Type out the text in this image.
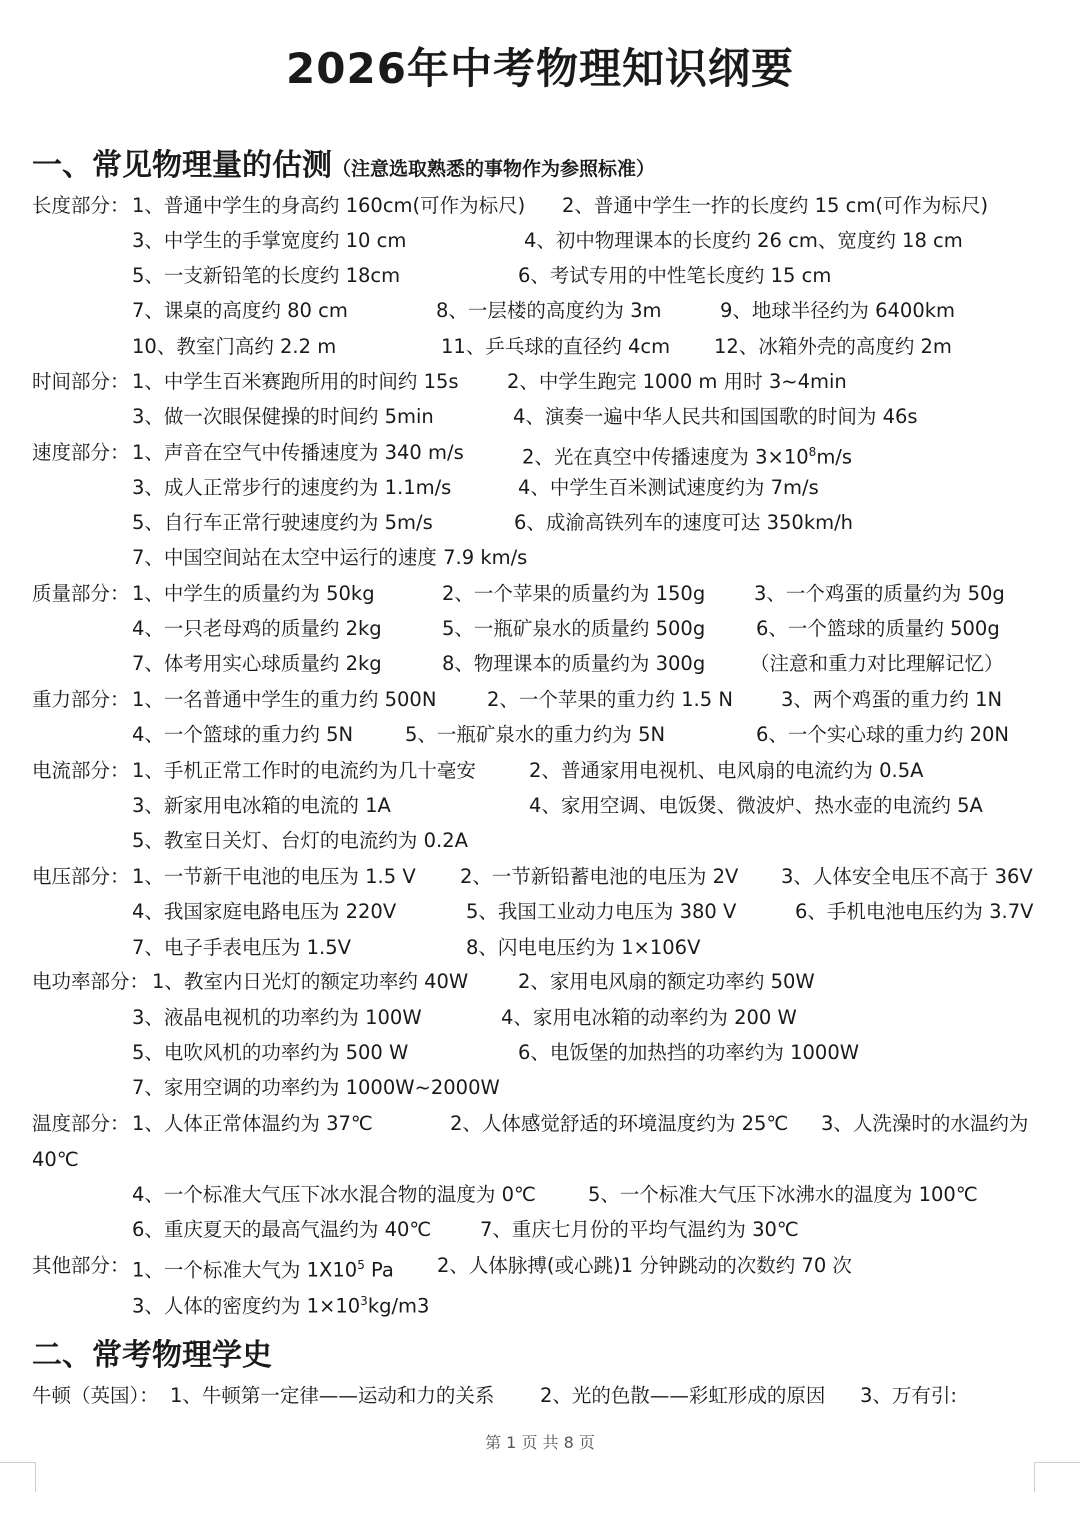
2026年中考物理知识纲要
一、常见物理量的估测（注意选取熟悉的事物作为参照标准）
长度部分： 1、普通中学生的身高约 160cm(可作为标尺) 2、普通中学生一拃的长度约 15 cm(可作为标尺)
3、中学生的手掌宽度约 10 cm	4、初中物理课本的长度约 26 cm、宽度约 18 cm
5、一支新铅笔的长度约 18cm	6、考试专用的中性笔长度约 15 cm
7、课桌的高度约 80 cm	8、一层楼的高度约为 3m	9、地球半径约为 6400km
10、教室门高约 2.2 m	11、乒乓球的直径约 4cm 12、冰箱外壳的高度约 2m
时间部分： 1、中学生百米赛跑所用的时间约 15s 2、中学生跑完 1000 m 用时 3~4min
3、做一次眼保健操的时间约 5min	4、演奏一遍中华人民共和国国歌的时间为 46s
速度部分： 1、声音在空气中传播速度为 340 m/s	2、光在真空中传播速度为 $3\times 10^8m/s$
3、成人正常步行的速度约为 1.1m/s	4、中学生百米测试速度约为 7m/s
5、自行车正常行驶速度约为 5m/s	6、成渝高铁列车的速度可达 350km/h
7、中国空间站在太空中运行的速度 7.9 km/s
质量部分： 1、中学生的质量约为 50kg	2、一个苹果的质量约为 150g	3、一个鸡蛋的质量约为 50g
4、一只老母鸡的质量约 2kg	5、一瓶矿泉水的质量约 500g	6、一个篮球的质量约 500g
7、体考用实心球质量约 2kg	8、物理课本的质量约为 300g （注意和重力对比理解记忆）
重力部分： 1、一名普通中学生的重力约 500N	2、一个苹果的重力约 1.5 N 3、两个鸡蛋的重力约 1N
4、一个篮球的重力约 5N	5、一瓶矿泉水的重力约为 5N	6、一个实心球的重力约 20N
电流部分： 1、手机正常工作时的电流约为几十毫安	2、普通家用电视机、电风扇的电流约为 0.5A
3、新家用电冰箱的电流的 1A	4、家用空调、电饭煲、微波炉、热水壶的电流约 5A
5、教室日关灯、台灯的电流约为 0.2A
电压部分： 1、一节新干电池的电压为 1.5 V 2、一节新铅蓄电池的电压为 2V 3、人体安全电压不高于 36V
4、我国家庭电路电压为 220V	5、我国工业动力电压为 380 V	6、手机电池电压约为 3.7V
7、电子手表电压为 1.5V	8、闪电电压约为 1×106V
电功率部分： 1、教室内日光灯的额定功率约 40W	2、家用电风扇的额定功率约 50W
3、液晶电视机的功率约为 100W	4、家用电冰箱的动率约为 200 W
5、电吹风机的功率约为 500 W	6、电饭堡的加热挡的功率约为 1000W
7、家用空调的功率约为 1000W~2000W
温度部分： 1、人体正常体温约为 37℃	2、人体感觉舒适的环境温度约为 25℃ 3、人洗澡时的水温约为
40℃
4、一个标准大气压下冰水混合物的温度为 0℃	5、一个标准大气压下冰沸水的温度为 100℃
6、重庆夏天的最高气温约为 40℃ 7、重庆七月份的平均气温约为 30℃
其他部分： 1、一个标准大气为 $1X10^5$ Pa 2、人体脉搏(或心跳)1 分钟跳动的次数约 70 次
3、人体的密度约为 $1\times 10^3kg/m3$
二、常考物理学史
牛顿（英国）： 1、牛顿第一定律——运动和力的关系 2、光的色散——彩虹形成的原因 3、万有引:
第 1 页 共 8 页
